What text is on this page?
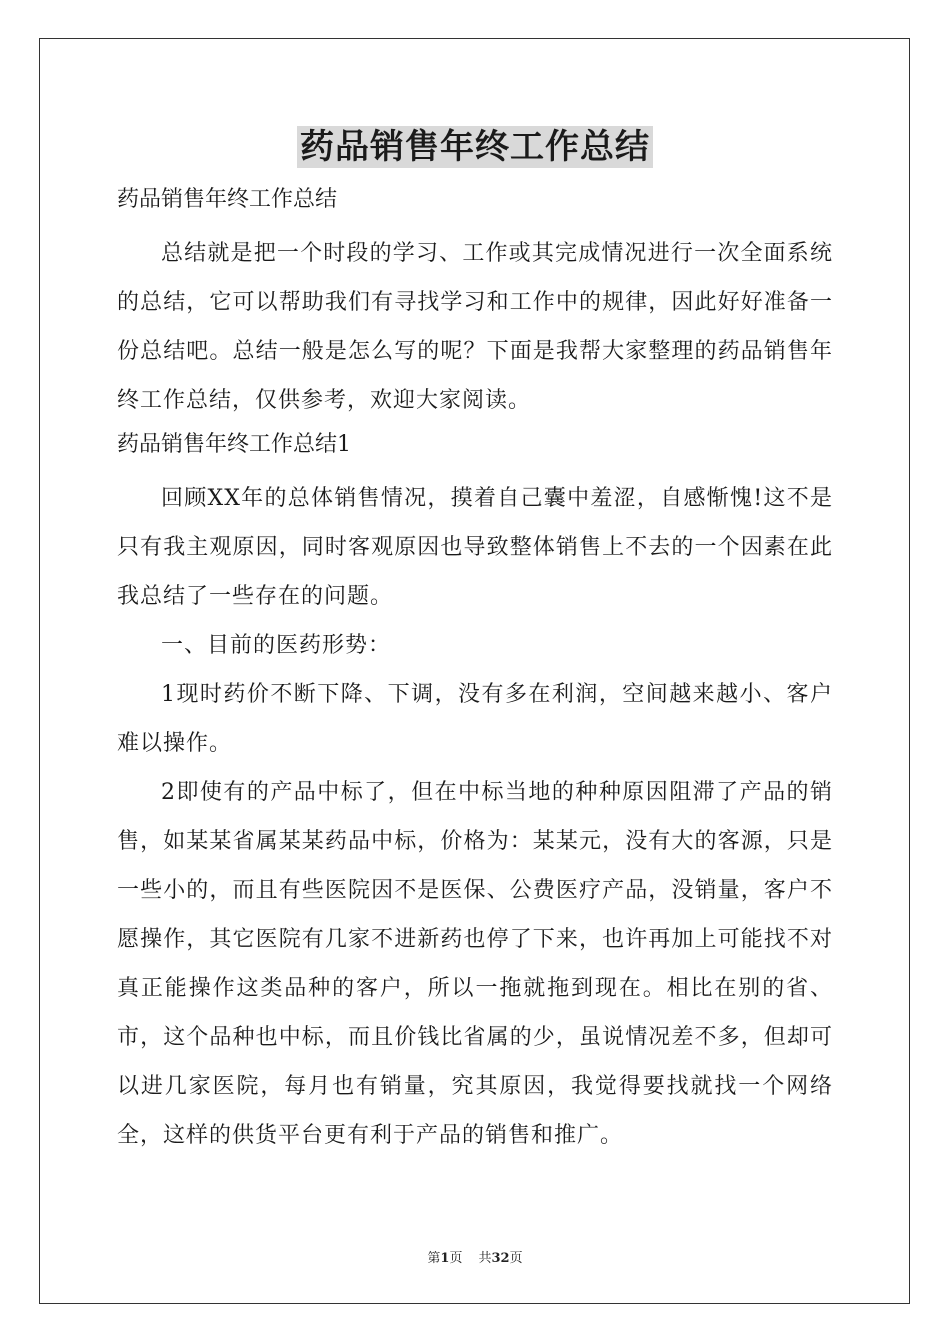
药品销售年终工作总结
药品销售年终工作总结

总结就是把一个时段的学习、工作或其完成情况进行一次全面系统的总结，它可以帮助我们有寻找学习和工作中的规律，因此好好准备一份总结吧。总结一般是怎么写的呢？下面是我帮大家整理的药品销售年终工作总结，仅供参考，欢迎大家阅读。

药品销售年终工作总结1

回顾XX年的总体销售情况，摸着自己囊中羞涩，自感惭愧!这不是只有我主观原因，同时客观原因也导致整体销售上不去的一个因素在此我总结了一些存在的问题。

一、目前的医药形势：

1现时药价不断下降、下调，没有多在利润，空间越来越小、客户难以操作。

2即使有的产品中标了，但在中标当地的种种原因阻滞了产品的销售，如某某省属某某药品中标，价格为：某某元，没有大的客源，只是一些小的，而且有些医院因不是医保、公费医疗产品，没销量，客户不愿操作，其它医院有几家不进新药也停了下来，也许再加上可能找不对真正能操作这类品种的客户，所以一拖就拖到现在。相比在别的省、市，这个品种也中标，而且价钱比省属的少，虽说情况差不多，但却可以进几家医院，每月也有销量，究其原因，我觉得要找就找一个网络全，这样的供货平台更有利于产品的销售和推广。

第1页 共32页
